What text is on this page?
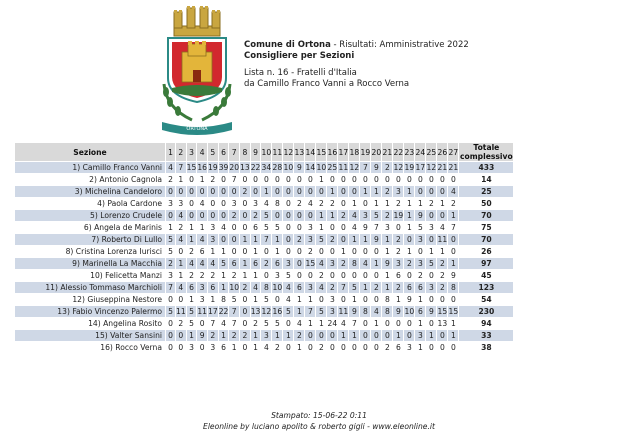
ORTONA
Comune di Ortona - Risultati: Amministrative 2022
Consigliere per Sezioni
Lista n. 16 - Fratelli d'Italia
da Camillo Franco Vanni a Rocco Verna
Sezione	1	2	3	4	5	6	7	8	9	10	11	12	13	14	15	16	17	18	19	20	21	22	23	24	25	26	27	Totale complessivo
1) Camillo Franco Vanni	4	7	15	16	19	39	20	13	22	34	28	10	9	14	10	25	11	12	7	9	2	12	19	17	12	21	21	433
2) Antonio Cagnola	2	1	0	1	2	0	7	0	0	0	0	0	0	0	1	0	0	0	0	0	0	0	0	0	0	0	0	14
3) Michelina Candeloro	0	0	0	0	0	0	0	2	0	1	0	0	0	0	0	1	0	0	1	1	2	3	1	0	0	0	4	25
4) Paola Cardone	3	3	0	4	0	0	3	0	3	4	8	0	2	4	2	2	0	1	0	1	1	2	1	1	2	1	2	50
5) Lorenzo Crudele	0	4	0	0	0	0	2	0	2	5	0	0	0	0	1	1	2	4	3	5	2	19	1	9	0	0	1	70
6) Angela de Marinis	1	2	1	1	3	4	0	0	6	5	5	0	0	3	1	0	0	4	9	7	3	0	1	5	3	4	7	75
7) Roberto Di Lullo	5	4	1	4	3	0	0	1	1	7	1	0	2	3	5	2	0	1	1	9	1	2	0	3	0	11	0	70
8) Cristina Lorenza Iurisci	5	0	2	6	1	1	0	0	1	0	1	0	0	2	0	0	1	0	0	0	1	2	1	0	1	1	0	26
9) Marinella La Macchia	2	1	4	4	4	5	6	1	6	2	6	3	0	15	4	3	2	8	4	1	9	3	2	3	5	2	1	97
10) Felicetta Manzi	3	1	2	2	2	1	2	1	1	0	3	5	0	0	2	0	0	0	0	0	1	6	0	2	0	2	9	45
11) Alessio Tommaso Marchioli	7	4	6	3	6	1	10	2	4	8	10	4	6	3	4	2	7	5	1	2	1	2	6	6	3	2	8	123
12) Giuseppina Nestore	0	0	1	3	1	8	5	0	1	5	0	4	1	1	0	3	0	1	0	0	8	1	9	1	0	0	0	54
13) Fabio Vincenzo Palermo	5	11	5	11	17	22	7	0	13	12	16	5	1	7	5	3	11	9	8	4	8	9	10	6	9	15	15	230
14) Angelina Rosito	0	2	5	0	7	4	7	0	2	5	5	0	4	1	1	24	4	7	0	1	0	0	0	1	0	13	1	94
15) Valter Sansini	0	0	1	9	2	1	2	2	1	3	1	1	2	0	0	0	1	1	0	0	0	1	0	3	1	0	1	33
16) Rocco Verna	0	0	3	0	3	6	1	0	1	4	2	0	1	0	2	0	0	0	0	0	2	6	3	1	0	0	0	38
Stampato: 15-06-22 0:11
Eleonline by luciano apolito & roberto gigli - www.eleonline.it
